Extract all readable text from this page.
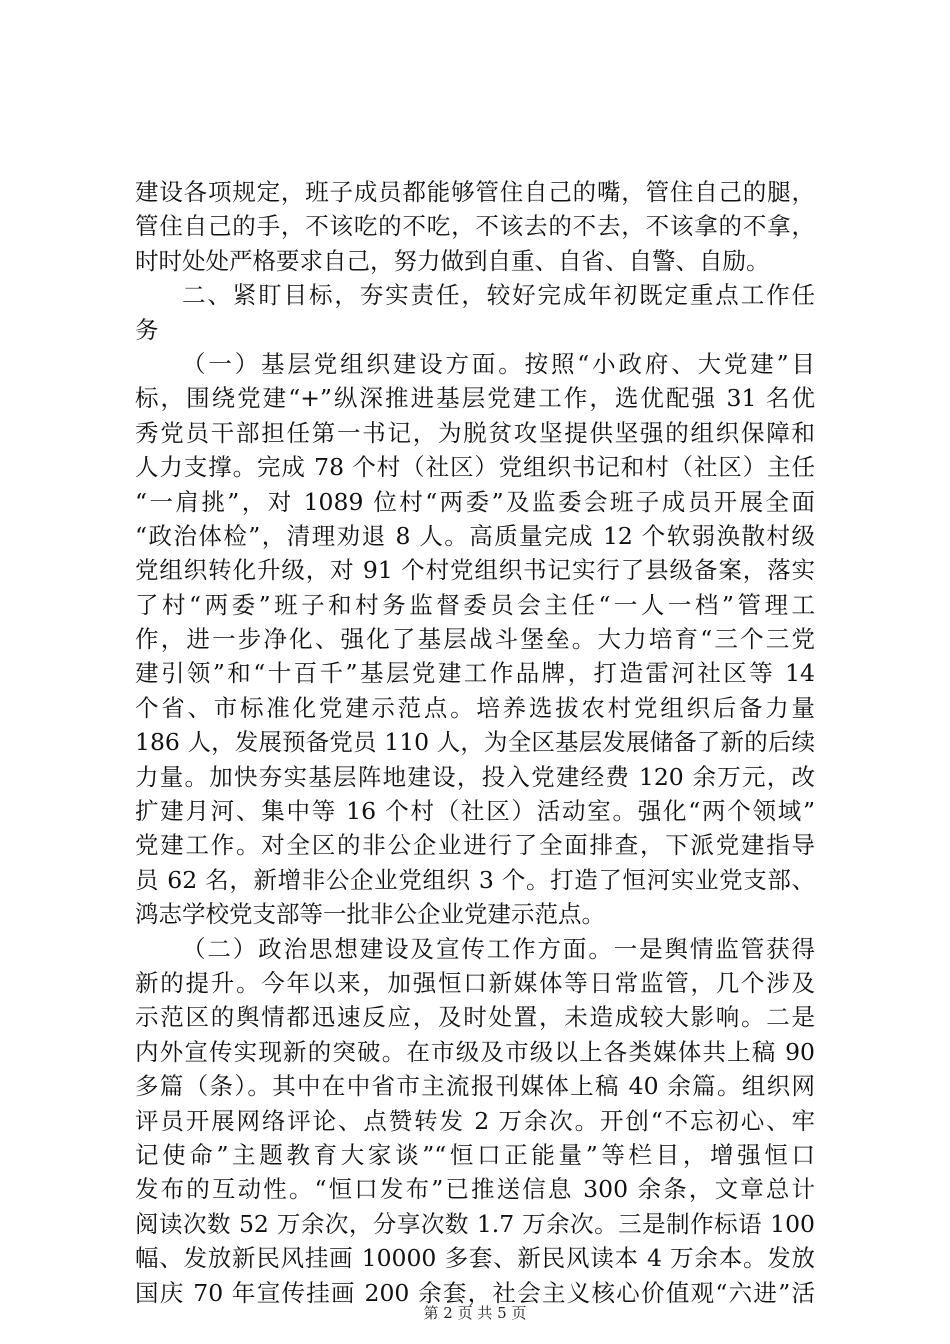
建设各项规定，班子成员都能够管住自己的嘴，管住自己的腿，
管住自己的手，不该吃的不吃，不该去的不去，不该拿的不拿，
时时处处严格要求自己，努力做到自重、自省、自警、自励。
二、紧盯目标，夯实责任，较好完成年初既定重点工作任
务
（一）基层党组织建设方面。按照“小政府、大党建”目
标，围绕党建“+”纵深推进基层党建工作，选优配强 31 名优
秀党员干部担任第一书记，为脱贫攻坚提供坚强的组织保障和
人力支撑。完成 78 个村（社区）党组织书记和村（社区）主任
“一肩挑”，对 1089 位村“两委”及监委会班子成员开展全面
“政治体检”，清理劝退 8 人。高质量完成 12 个软弱涣散村级
党组织转化升级，对 91 个村党组织书记实行了县级备案，落实
了村“两委”班子和村务监督委员会主任“一人一档”管理工
作，进一步净化、强化了基层战斗堡垒。大力培育“三个三党
建引领”和“十百千”基层党建工作品牌，打造雷河社区等 14
个省、市标准化党建示范点。培养选拔农村党组织后备力量
186 人，发展预备党员 110 人，为全区基层发展储备了新的后续
力量。加快夯实基层阵地建设，投入党建经费 120 余万元，改
扩建月河、集中等 16 个村（社区）活动室。强化“两个领域”
党建工作。对全区的非公企业进行了全面排查，下派党建指导
员 62 名，新增非公企业党组织 3 个。打造了恒河实业党支部、
鸿志学校党支部等一批非公企业党建示范点。
（二）政治思想建设及宣传工作方面。一是舆情监管获得
新的提升。今年以来，加强恒口新媒体等日常监管，几个涉及
示范区的舆情都迅速反应，及时处置，未造成较大影响。二是
内外宣传实现新的突破。在市级及市级以上各类媒体共上稿 90
多篇（条）。其中在中省市主流报刊媒体上稿 40 余篇。组织网
评员开展网络评论、点赞转发 2 万余次。开创“不忘初心、牢
记使命”主题教育大家谈”“恒口正能量”等栏目，增强恒口
发布的互动性。“恒口发布”已推送信息 300 余条，文章总计
阅读次数 52 万余次，分享次数 1.7 万余次。三是制作标语 100
幅、发放新民风挂画 10000 多套、新民风读本 4 万余本。发放
国庆 70 年宣传挂画 200 余套，社会主义核心价值观“六进”活
第 2 页 共 5 页
